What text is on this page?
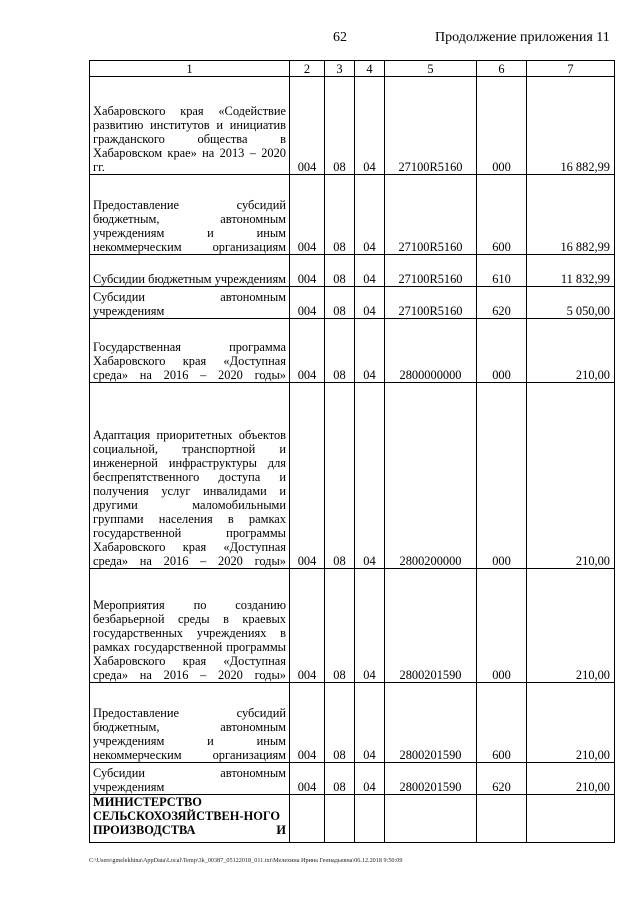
62	Продолжение приложения 11
1	2	3	4	5	6	7
Хабаровского края «Содействие развитию институтов и инициатив гражданского общества в Хабаровском крае» на 2013 – 2020 гг.	004	08	04	27100R5160	000	16 882,99
Предоставление субсидий бюджетным, автономным учреждениям и иным некоммерческим организациям	004	08	04	27100R5160	600	16 882,99
Субсидии бюджетным учреждениям	004	08	04	27100R5160	610	11 832,99
Субсидии автономным учреждениям	004	08	04	27100R5160	620	5 050,00
Государственная программа Хабаровского края «Доступная среда» на 2016 – 2020 годы»	004	08	04	2800000000	000	210,00
Адаптация приоритетных объектов социальной, транспортной и инженерной инфраструктуры для беспрепятственного доступа и получения услуг инвалидами и другими маломобильными группами населения в рамках государственной программы Хабаровского края «Доступная среда» на 2016 – 2020 годы»	004	08	04	2800200000	000	210,00
Мероприятия по созданию безбарьерной среды в краевых государственных учреждениях в рамках государственной программы Хабаровского края «Доступная среда» на 2016 – 2020 годы»	004	08	04	2800201590	000	210,00
Предоставление субсидий бюджетным, автономным учреждениям и иным некоммерческим организациям	004	08	04	2800201590	600	210,00
Субсидии автономным учреждениям	004	08	04	2800201590	620	210,00
МИНИСТЕРСТВО СЕЛЬСКОХОЗЯЙСТВЕН-НОГО ПРОИЗВОДСТВА И						
C:\Users\gmelekhina\AppData\Local\Temp\3k_00387_05122018_011.txt\Мелехина Ирина Геннадьевна\06.12.2018 9:50:09
